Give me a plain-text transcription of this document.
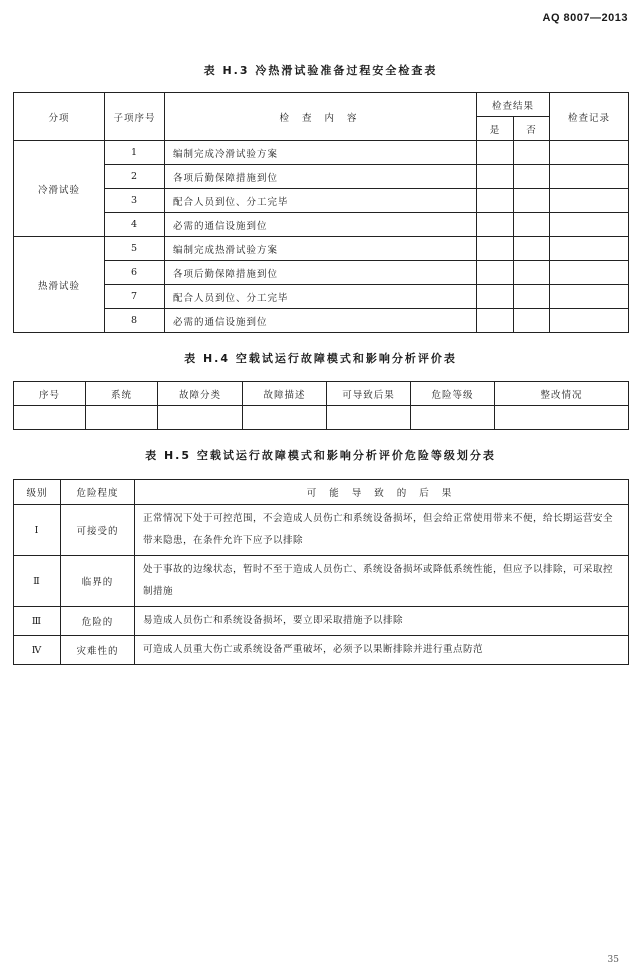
AQ 8007—2013
表 H.3 冷热滑试验准备过程安全检查表
分项	子项序号	检 查 内 容	检查结果		检查记录
			是	否	
冷滑试验	1	编制完成冷滑试验方案			
	2	各项后勤保障措施到位			
	3	配合人员到位、分工完毕			
	4	必需的通信设施到位			
热滑试验	5	编制完成热滑试验方案			
	6	各项后勤保障措施到位			
	7	配合人员到位、分工完毕			
	8	必需的通信设施到位			
表 H.4 空载试运行故障模式和影响分析评价表
序号	系统	故障分类	故障描述	可导致后果	危险等级	整改情况

表 H.5 空载试运行故障模式和影响分析评价危险等级划分表
级别	危险程度	可 能 导 致 的 后 果
Ⅰ	可接受的	正常情况下处于可控范围，不会造成人员伤亡和系统设备损坏，但会给正常使用带来不便，给长期运营安全带来隐患，在条件允许下应予以排除
Ⅱ	临界的	处于事故的边缘状态，暂时不至于造成人员伤亡、系统设备损坏或降低系统性能，但应予以排除，可采取控制措施
Ⅲ	危险的	易造成人员伤亡和系统设备损坏，要立即采取措施予以排除
Ⅳ	灾难性的	可造成人员重大伤亡或系统设备严重破坏，必须予以果断排除并进行重点防范
35
